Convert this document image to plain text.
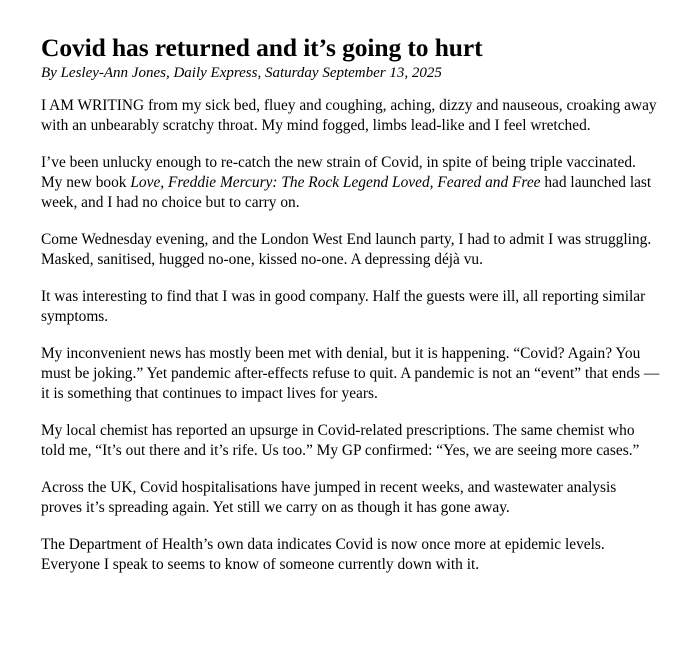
Covid has returned and it’s going to hurt

By Lesley-Ann Jones, Daily Express, Saturday September 13, 2025

I AM WRITING from my sick bed, fluey and coughing, aching, dizzy and nauseous, croaking away with an unbearably scratchy throat. My mind fogged, limbs lead-like and I feel wretched.

I’ve been unlucky enough to re-catch the new strain of Covid, in spite of being triple vaccinated. My new book Love, Freddie Mercury: The Rock Legend Loved, Feared and Free had launched last week, and I had no choice but to carry on.

Come Wednesday evening, and the London West End launch party, I had to admit I was struggling. Masked, sanitised, hugged no-one, kissed no-one. A depressing déjà vu.

It was interesting to find that I was in good company. Half the guests were ill, all reporting similar symptoms.

My inconvenient news has mostly been met with denial, but it is happening. “Covid? Again? You must be joking.” Yet pandemic after-effects refuse to quit. A pandemic is not an “event” that ends — it is something that continues to impact lives for years.

My local chemist has reported an upsurge in Covid-related prescriptions. The same chemist who told me, “It’s out there and it’s rife. Us too.” My GP confirmed: “Yes, we are seeing more cases.”

Across the UK, Covid hospitalisations have jumped in recent weeks, and wastewater analysis proves it’s spreading again. Yet still we carry on as though it has gone away.

The Department of Health’s own data indicates Covid is now once more at epidemic levels. Everyone I speak to seems to know of someone currently down with it.
